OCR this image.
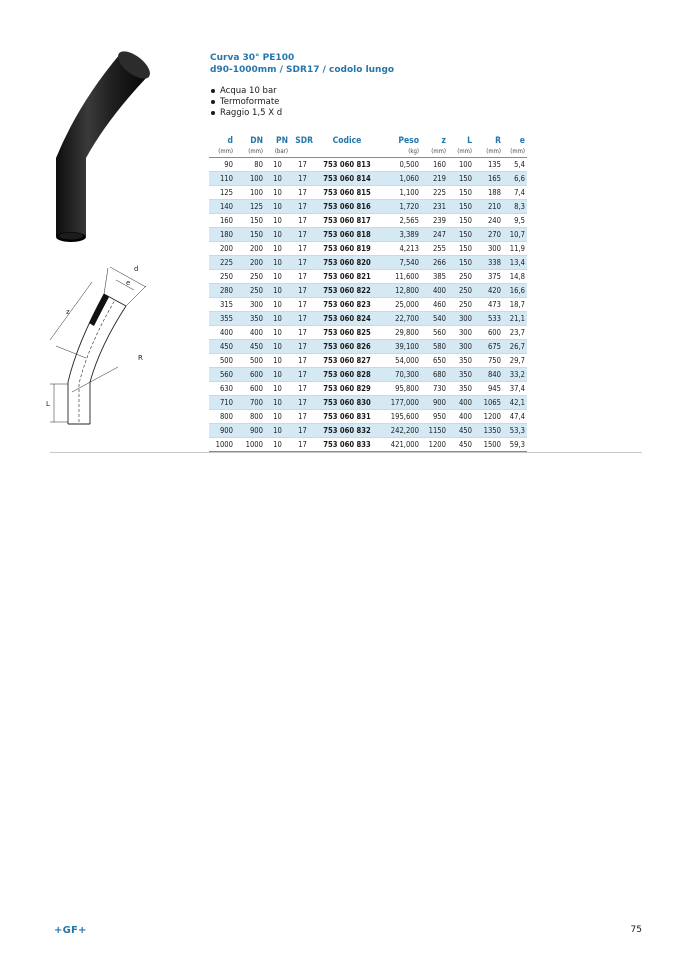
d
e
z
R
L
Curva 30° PE100
d90-1000mm / SDR17 / codolo lungo
Acqua 10 bar
Termoformate
Raggio 1,5 X d
d	DN	PN	SDR	Codice	Peso	z	L	R	e
(mm)	(mm)	(bar)			(kg)	(mm)	(mm)	(mm)	(mm)
90	80	10	17	753 060 813	0,500	160	100	135	5,4
110	100	10	17	753 060 814	1,060	219	150	165	6,6
125	100	10	17	753 060 815	1,100	225	150	188	7,4
140	125	10	17	753 060 816	1,720	231	150	210	8,3
160	150	10	17	753 060 817	2,565	239	150	240	9,5
180	150	10	17	753 060 818	3,389	247	150	270	10,7
200	200	10	17	753 060 819	4,213	255	150	300	11,9
225	200	10	17	753 060 820	7,540	266	150	338	13,4
250	250	10	17	753 060 821	11,600	385	250	375	14,8
280	250	10	17	753 060 822	12,800	400	250	420	16,6
315	300	10	17	753 060 823	25,000	460	250	473	18,7
355	350	10	17	753 060 824	22,700	540	300	533	21,1
400	400	10	17	753 060 825	29,800	560	300	600	23,7
450	450	10	17	753 060 826	39,100	580	300	675	26,7
500	500	10	17	753 060 827	54,000	650	350	750	29,7
560	600	10	17	753 060 828	70,300	680	350	840	33,2
630	600	10	17	753 060 829	95,800	730	350	945	37,4
710	700	10	17	753 060 830	177,000	900	400	1065	42,1
800	800	10	17	753 060 831	195,600	950	400	1200	47,4
900	900	10	17	753 060 832	242,200	1150	450	1350	53,3
1000	1000	10	17	753 060 833	421,000	1200	450	1500	59,3
+GF+	75
